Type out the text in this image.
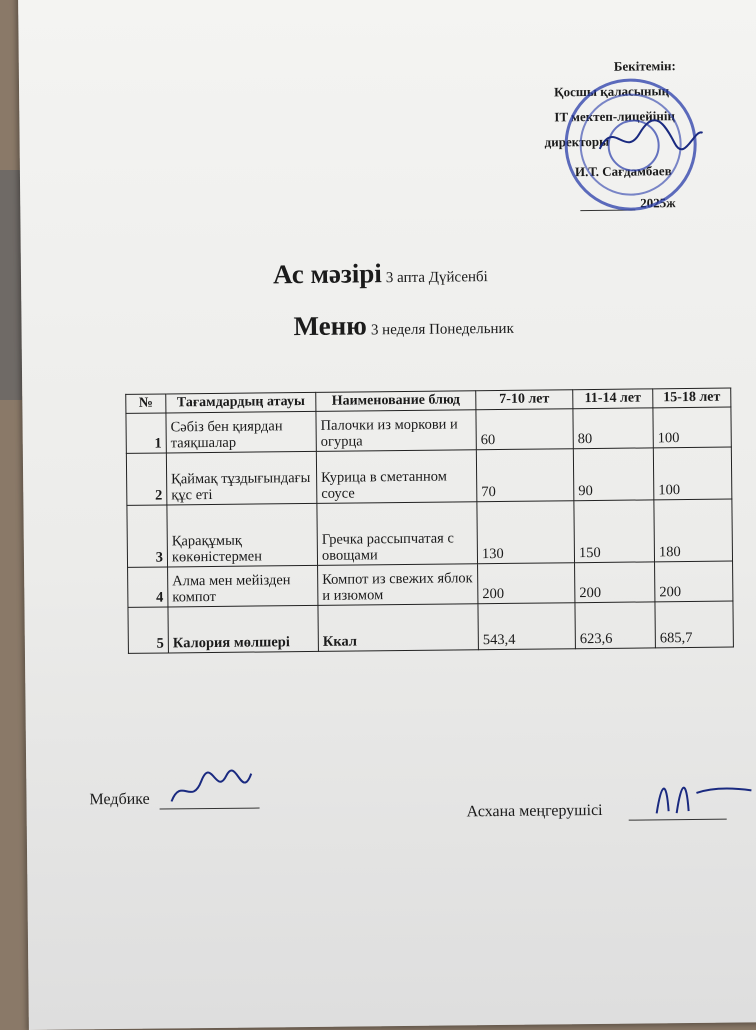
Бекітемін:
Қосшы қаласының
IT мектеп-лицейінің
директоры
И.Т. Сағдамбаев
2025ж
Ас мәзірі 3 апта Дүйсенбі
Меню 3 неделя Понедельник
№	Тағамдардың атауы	Наименование блюд	7-10 лет	11-14 лет	15-18 лет
1	Сәбіз бен қиярдан таяқшалар	Палочки из моркови и огурца	60	80	100
2	Қаймақ тұздығындағы құс еті	Курица в сметанном соусе	70	90	100
3	Қарақұмық көкөністермен	Гречка рассыпчатая с овощами	130	150	180
4	Алма мен мейізден компот	Компот из свежих яблок и изюмом	200	200	200
5	Калория мөлшері	Ккал	543,4	623,6	685,7
Медбике
Асхана меңгерушісі
